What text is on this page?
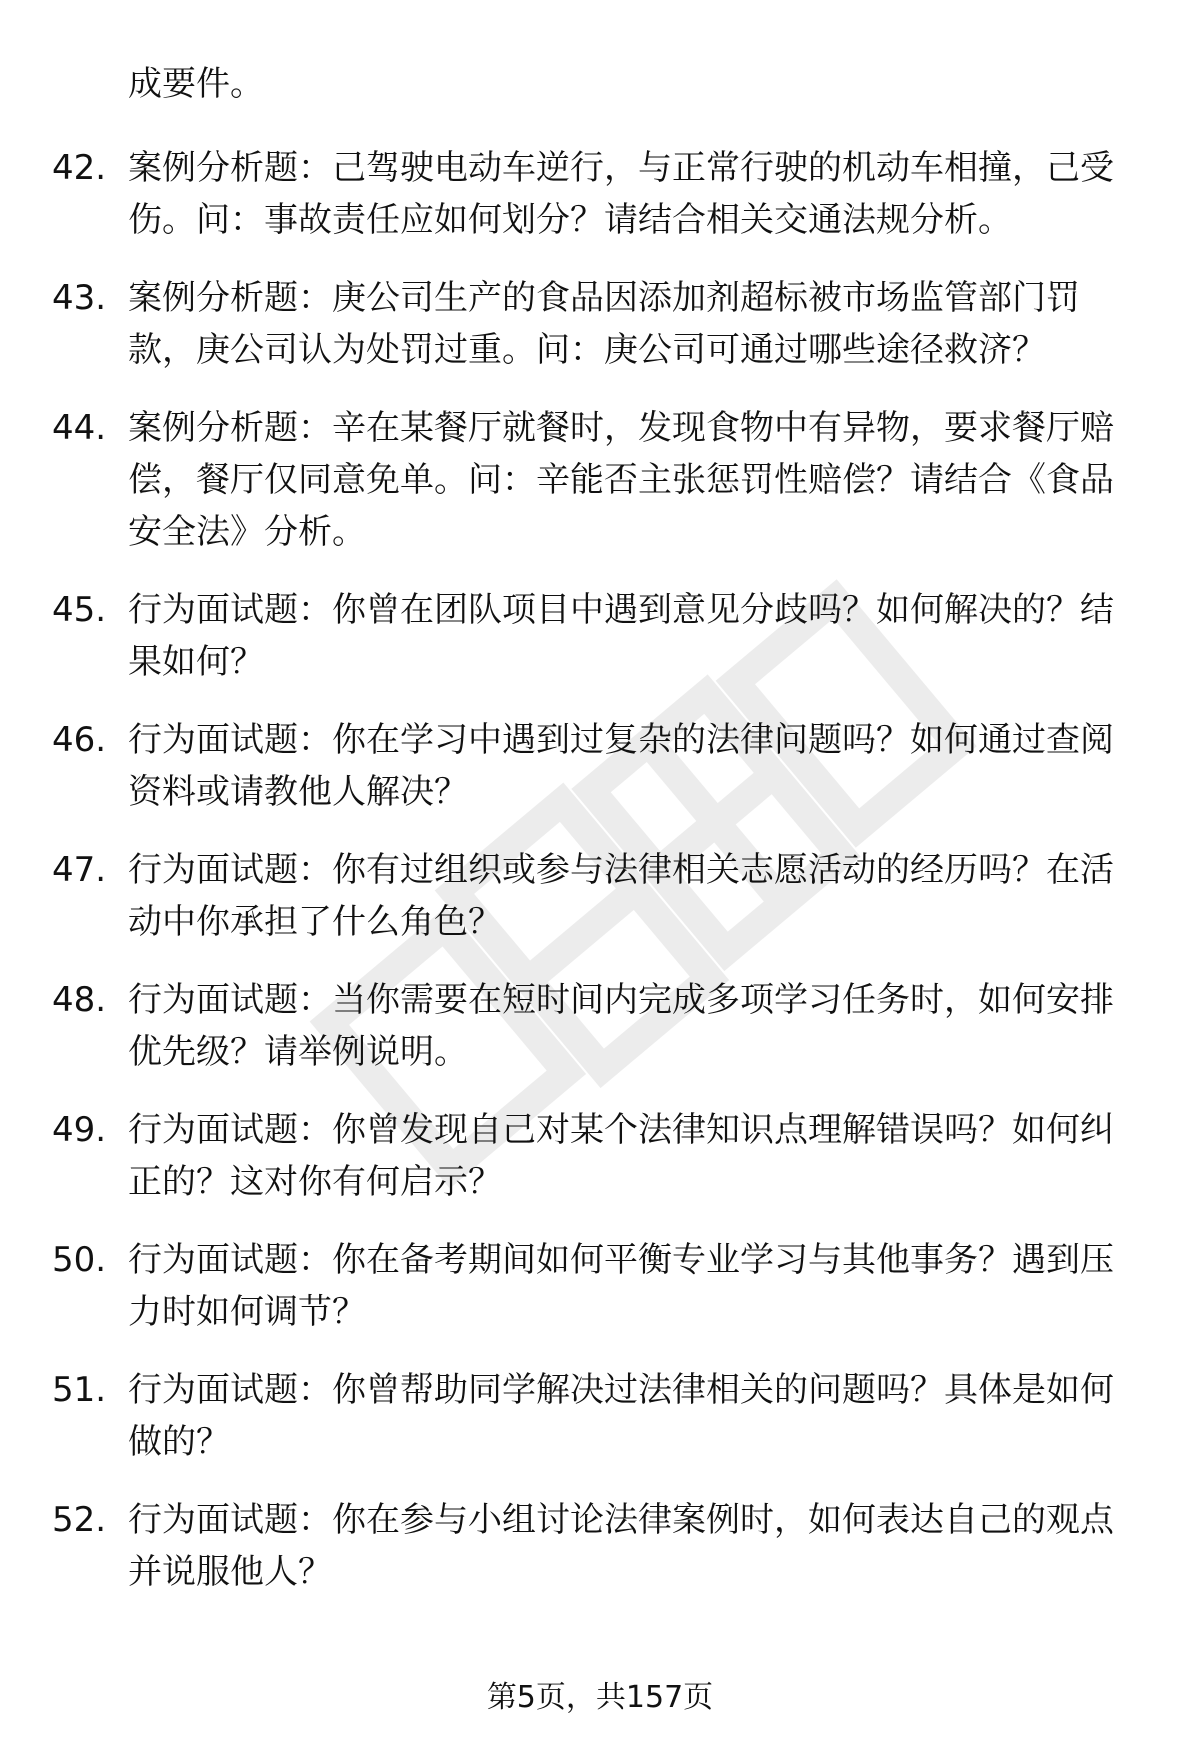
成要件。
42. 案例分析题：己驾驶电动车逆行，与正常行驶的机动车相撞，己受伤。问：事故责任应如何划分？请结合相关交通法规分析。
43. 案例分析题：庚公司生产的食品因添加剂超标被市场监管部门罚款，庚公司认为处罚过重。问：庚公司可通过哪些途径救济？
44. 案例分析题：辛在某餐厅就餐时，发现食物中有异物，要求餐厅赔偿，餐厅仅同意免单。问：辛能否主张惩罚性赔偿？请结合《食品安全法》分析。
45. 行为面试题：你曾在团队项目中遇到意见分歧吗？如何解决的？结果如何？
46. 行为面试题：你在学习中遇到过复杂的法律问题吗？如何通过查阅资料或请教他人解决？
47. 行为面试题：你有过组织或参与法律相关志愿活动的经历吗？在活动中你承担了什么角色？
48. 行为面试题：当你需要在短时间内完成多项学习任务时，如何安排优先级？请举例说明。
49. 行为面试题：你曾发现自己对某个法律知识点理解错误吗？如何纠正的？这对你有何启示？
50. 行为面试题：你在备考期间如何平衡专业学习与其他事务？遇到压力时如何调节？
51. 行为面试题：你曾帮助同学解决过法律相关的问题吗？具体是如何做的？
52. 行为面试题：你在参与小组讨论法律案例时，如何表达自己的观点并说服他人？
第5页，共157页
